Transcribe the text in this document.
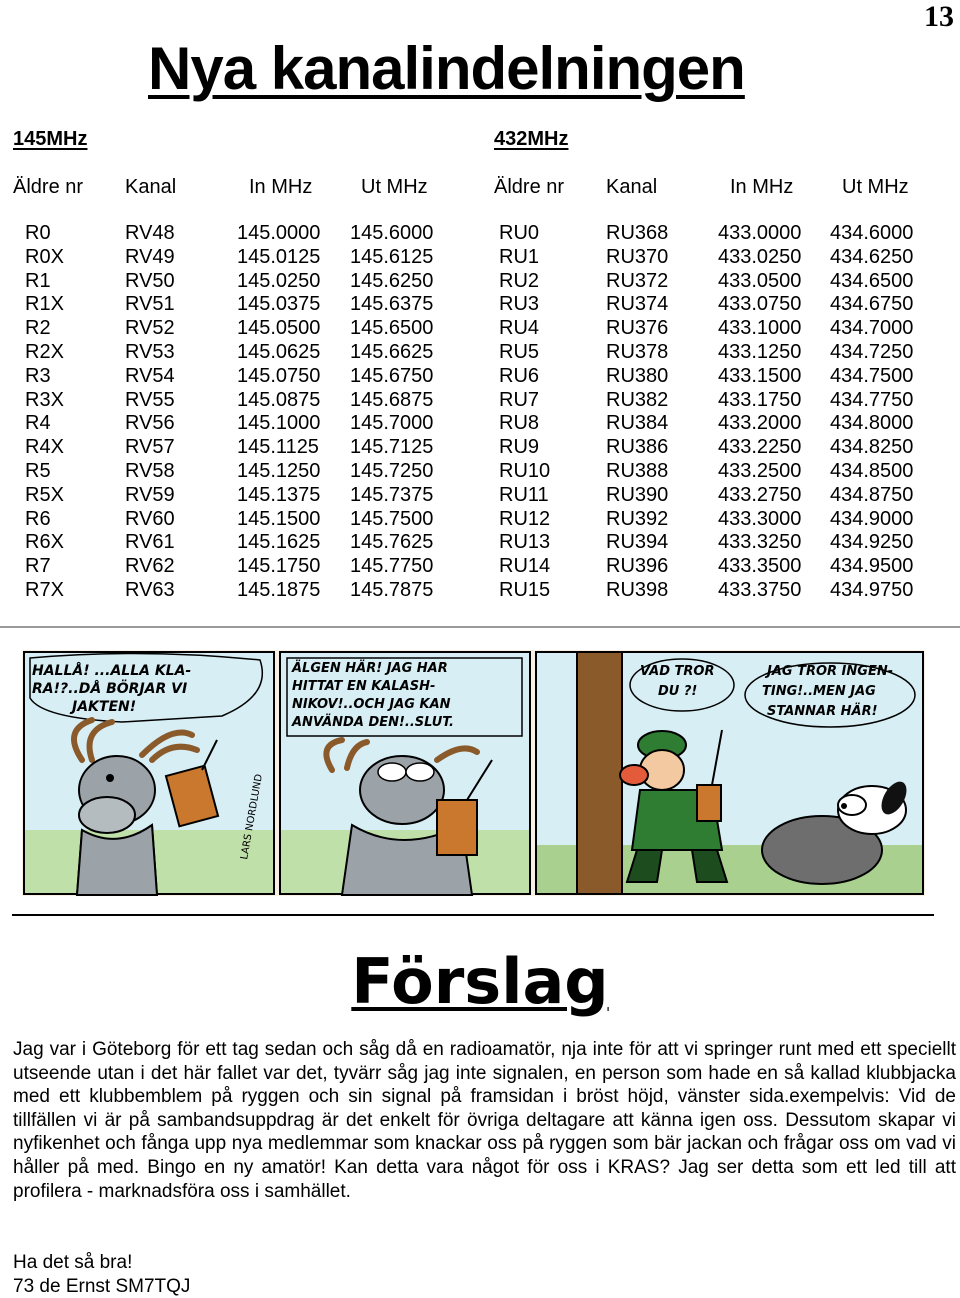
13
Nya kanalindelningen
145MHz	432MHz
Äldre nr Kanal	In MHz Ut MHz
R0	RV48	145.0000 145.6000
R0X	RV49	145.0125 145.6125
R1	RV50	145.0250 145.6250
R1X	RV51	145.0375 145.6375
R2	RV52	145.0500 145.6500
R2X	RV53	145.0625 145.6625
R3	RV54	145.0750 145.6750
R3X	RV55	145.0875 145.6875
R4	RV56	145.1000 145.7000
R4X	RV57	145.1125 145.7125
R5	RV58	145.1250 145.7250
R5X	RV59	145.1375 145.7375
R6	RV60	145.1500 145.7500
R6X	RV61	145.1625 145.7625
R7	RV62	145.1750 145.7750
R7X	RV63	145.1875 145.7875
Äldre nr Kanal	In MHz Ut MHz
RU0	RU368 433.0000 434.6000
RU1	RU370 433.0250 434.6250
RU2	RU372 433.0500 434.6500
RU3	RU374 433.0750 434.6750
RU4	RU376 433.1000 434.7000
RU5	RU378 433.1250 434.7250
RU6	RU380 433.1500 434.7500
RU7	RU382 433.1750 434.7750
RU8	RU384 433.2000 434.8000
RU9	RU386 433.2250 434.8250
RU10	RU388 433.2500 434.8500
RU11	RU390 433.2750 434.8750
RU12	RU392 433.3000 434.9000
RU13	RU394 433.3250 434.9250
RU14	RU396 433.3500 434.9500
RU15	RU398 433.3750 434.9750
HALLÅ! ...ALLA KLA-
RA!?..DÅ BÖRJAR VI
JAKTEN!
LARS NORDLUND
ÄLGEN HÄR! JAG HAR
HITTAT EN KALASH-
NIKOV!..OCH JAG KAN
ANVÄNDA DEN!..SLUT.
VAD TROR
DU ?!
JAG TROR INGEN-
TING!..MEN JAG
STANNAR HÄR!
Förslag

Jag var i Göteborg för ett tag sedan och såg då en radioamatör, nja inte för att vi springer runt med ett speciellt utseende utan i det här fallet var det, tyvärr såg jag inte signalen, en person som hade en så kallad klubbjacka med ett klubbemblem på ryggen och sin signal på framsidan i bröst höjd, vänster sida.exempelvis: Vid de tillfällen vi är på sambandsuppdrag är det enkelt för övriga deltagare att känna igen oss. Dessutom skapar vi nyfikenhet och fånga upp nya medlemmar som knackar oss på ryggen som bär jackan och frågar oss om vad vi håller på med. Bingo en ny amatör! Kan detta vara något för oss i KRAS? Jag ser detta som ett led till att profilera - marknadsföra oss i samhället.

Ha det så bra!
73 de Ernst SM7TQJ
